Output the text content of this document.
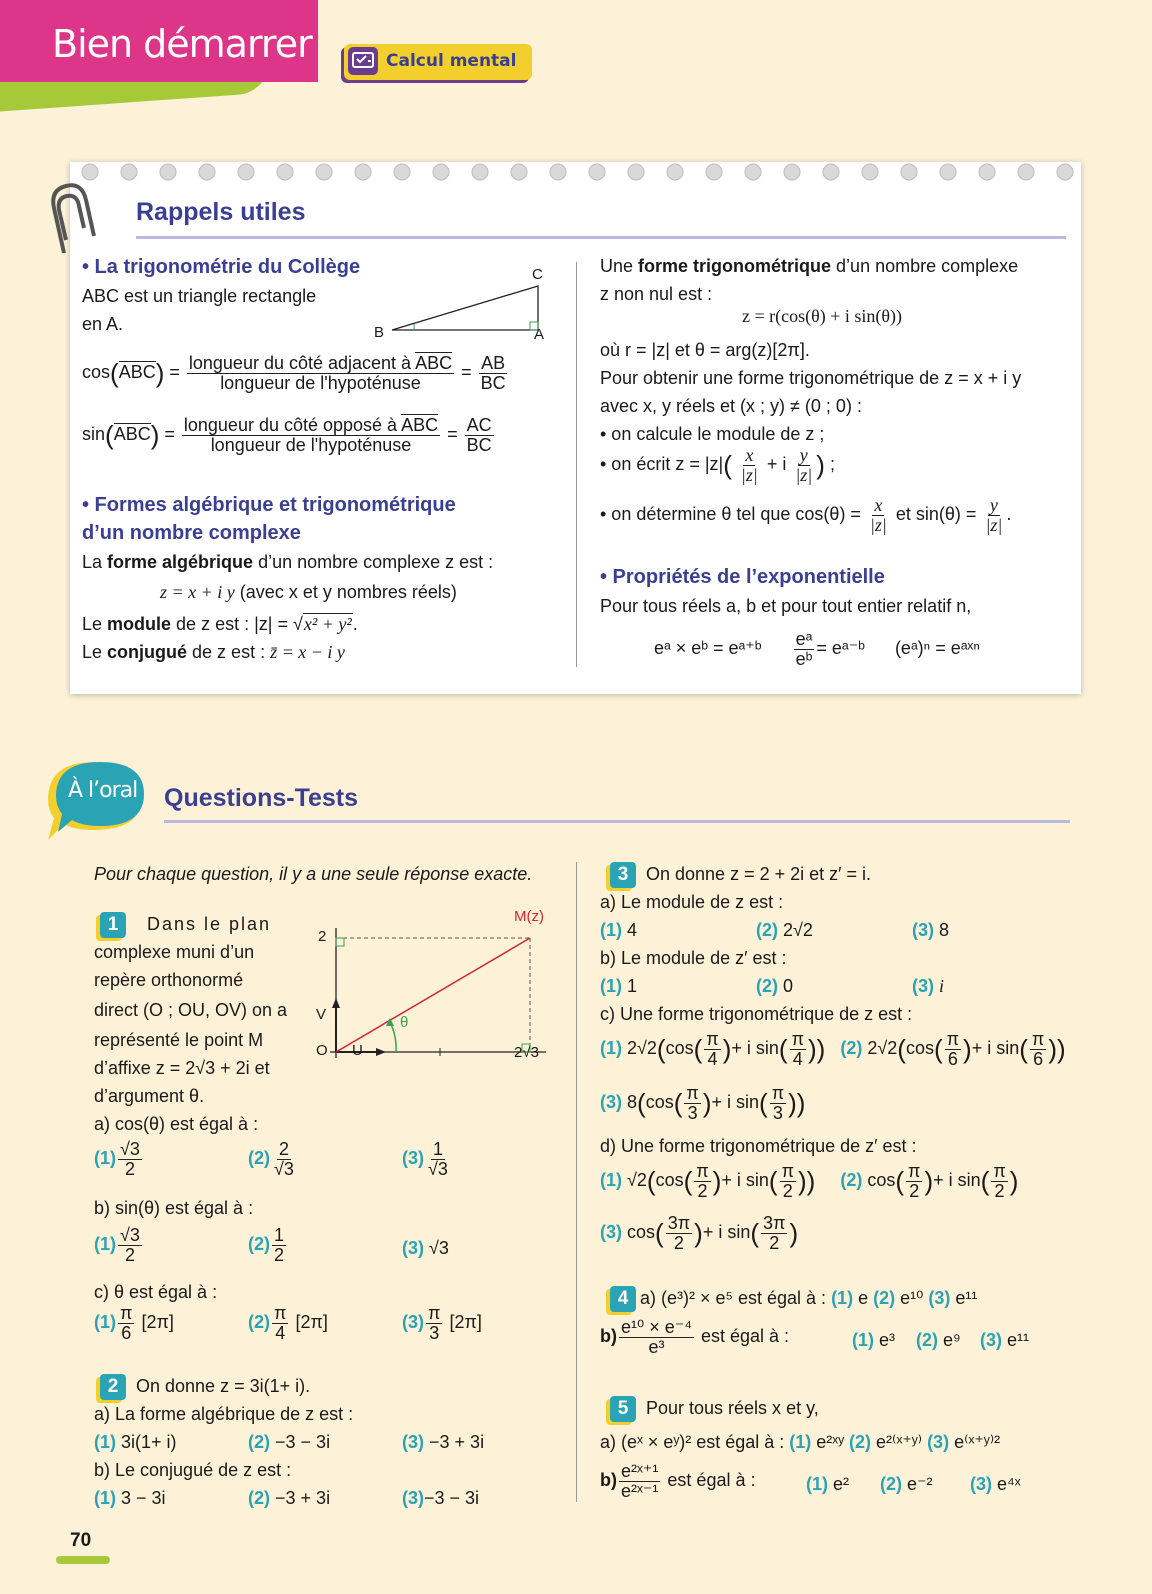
Bien démarrer	Calcul mental
Rappels utiles
• La trigonométrie du Collège
ABC est un triangle rectangle
en A.
C
B	A
$\cos(ABC) = \frac{\text{longueur du côté adjacent à ABC}}{\text{longueur de l'hypoténuse}} = \frac{AB}{BC}$
$\sin(ABC) = \frac{\text{longueur du côté opposé à ABC}}{\text{longueur de l'hypoténuse}} = \frac{AC}{BC}$
• Formes algébrique et trigonométrique
d’un nombre complexe
La forme algébrique d’un nombre complexe z est :
z = x + i y (avec x et y nombres réels)
Le module de z est : |z| = √x² + y².
Le conjugué de z est : z̄ = x − i y
Une forme trigonométrique d’un nombre complexe
z non nul est :
z = r(cos(θ) + i sin(θ))
où r = |z| et θ = arg(z)[2π].
Pour obtenir une forme trigonométrique de z = x + i y
avec x, y réels et (x ; y) ≠ (0 ; 0) :
• on calcule le module de z ;
• on écrit $z = |z|( \frac{x}{|z|} + i \frac{y}{|z|}$ ) ;
• on détermine θ tel que $\cos(\theta) = \frac{x}{|z|}$ et $\sin(\theta) = \frac{y}{|z|}$ .
• Propriétés de l’exponentielle
Pour tous réels a, b et pour tout entier relatif n,
eᵃ × eᵇ = eᵃ⁺ᵇ $\frac{\text{eᵃ}}{\text{eᵇ}}$ = eᵃ⁻ᵇ (eᵃ)ⁿ = eᵃˣⁿ
À l’oral Questions-Tests
Pour chaque question, il y a une seule réponse exacte.
1	Dans le plan
complexe muni d’un
repère orthonormé
direct (O ; OU, OV) on a
représenté le point M
d’affixe z = 2√3 + 2i et
d’argument θ.
M(z)
2
V
O U	2√3
θ
a) cos(θ) est égal à :
$(1) \frac{√3}{2}$	$(2) \frac{2}{√3}$	$(3) \frac{1}{√3}$
b) sin(θ) est égal à :
$(1) \frac{√3}{2}$	$(2) \frac{1}{2}$	(3) √3
c) θ est égal à :
$(1) \frac{\pi}{6} [2\pi]$	$(2) \frac{\pi}{4} [2\pi]$	$(3) \frac{\pi}{3} [2\pi]$
2 On donne z = 3i(1+ i).
a) La forme algébrique de z est :
(1) 3i(1+ i)	(2) −3 − 3i	(3) −3 + 3i
b) Le conjugué de z est :
(1) 3 − 3i	(2) −3 + 3i	(3)−3 − 3i
3 On donne z = 2 + 2i et z′ = i.
a) Le module de z est :
(1) 4	(2) 2√2	(3) 8
b) Le module de z′ est :
(1) 1	(2) 0	(3) i
c) Une forme trigonométrique de z est :
(1) $2√2(\cos( \frac{\pi}{4}$ )+ i $\sin( \frac{\pi}{4}$ )) (2) $2√2(\cos( \frac{\pi}{6}$ )+ i $\sin( \frac{\pi}{6}$ ))
(3) $8(\cos( \frac{\pi}{3}$ )+ i $\sin( \frac{\pi}{3}$ ))
d) Une forme trigonométrique de z′ est :
(1) $√2(\cos( \frac{\pi}{2}$ )+ i $\sin( \frac{\pi}{2}$ )) (2) $\cos( \frac{\pi}{2}$ )+ i $\sin( \frac{\pi}{2}$ )
(3) $\cos( \frac{3\pi}{2}$ )+ i $\sin( \frac{3\pi}{2}$ )
4 a) (e³)² × e⁵ est égal à : (1) e (2) e¹⁰ (3) e¹¹
$b) \frac{\text{e¹⁰ × e⁻⁴}}{\text{e³}}$ est égal à :	(1) e³ (2) e⁹ (3) e¹¹
5 Pour tous réels x et y,
a) (eˣ × eʸ)² est égal à : (1) e²ˣʸ (2) e²⁽ˣ⁺ʸ⁾ (3) e⁽ˣ⁺ʸ⁾²
$b) \frac{\text{e²ˣ⁺¹}}{\text{e²ˣ⁻¹}}$ est égal à :	(1) e² (2) e⁻² (3) e⁴ˣ
70
